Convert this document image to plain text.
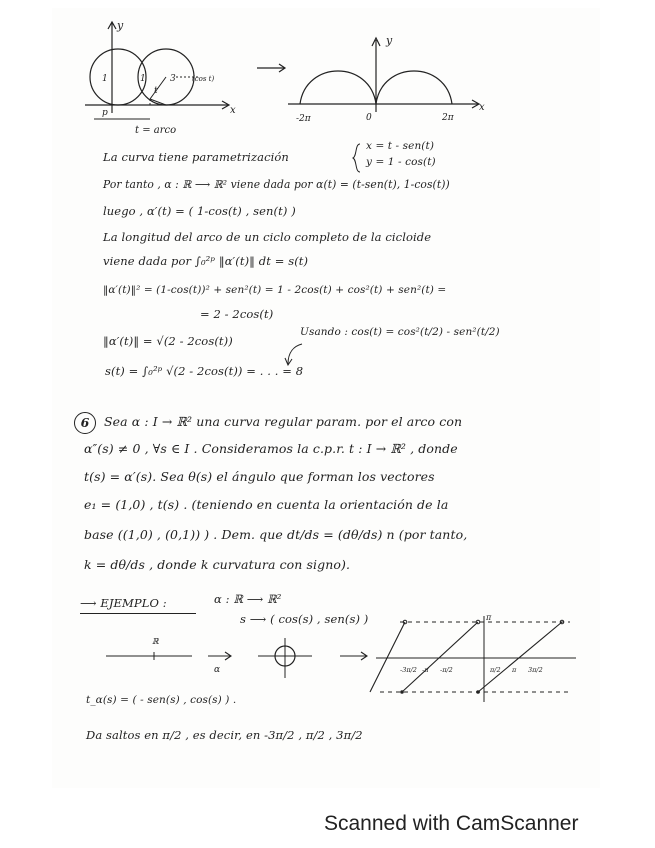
y
x
1	1
t
3 (cos t)
p
t = arco
y
x
-2π	0	2π
La curva tiene parametrización
x = t - sen(t)
y = 1 - cos(t)
Por tanto , α : ℝ ⟶ ℝ² viene dada por α(t) = (t-sen(t), 1-cos(t))
luego , α′(t) = ( 1-cos(t) , sen(t) )
La longitud del arco de un ciclo completo de la cicloide
viene dada por ∫₀²ᵖ ‖α′(t)‖ dt = s(t)
‖α′(t)‖² = (1-cos(t))² + sen²(t) = 1 - 2cos(t) + cos²(t) + sen²(t) =
= 2 - 2cos(t)
‖α′(t)‖ = √(2 - 2cos(t))
Usando : cos(t) = cos²(t/2) - sen²(t/2)
s(t) = ∫₀²ᵖ √(2 - 2cos(t)) = . . . = 8
6	Sea α : I → ℝ² una curva regular param. por el arco con
α″(s) ≠ 0 , ∀s ∈ I . Consideramos la c.p.r. t : I → ℝ² , donde
t(s) = α′(s). Sea θ(s) el ángulo que forman los vectores
e₁ = (1,0) , t(s) . (teniendo en cuenta la orientación de la
base ((1,0) , (0,1)) ) . Dem. que dt/ds = (dθ/ds) n (por tanto,
k = dθ/ds , donde k curvatura con signo).
⟶ EJEMPLO :	α : ℝ ⟶ ℝ²
s ⟶ ( cos(s) , sen(s) )
ℝ
α
π
-3π/2 -π -π/2	π/2 π 3π/2
t_α(s) = ( - sen(s) , cos(s) ) .
Da saltos en π/2 , es decir, en -3π/2 , π/2 , 3π/2
Scanned with CamScanner
